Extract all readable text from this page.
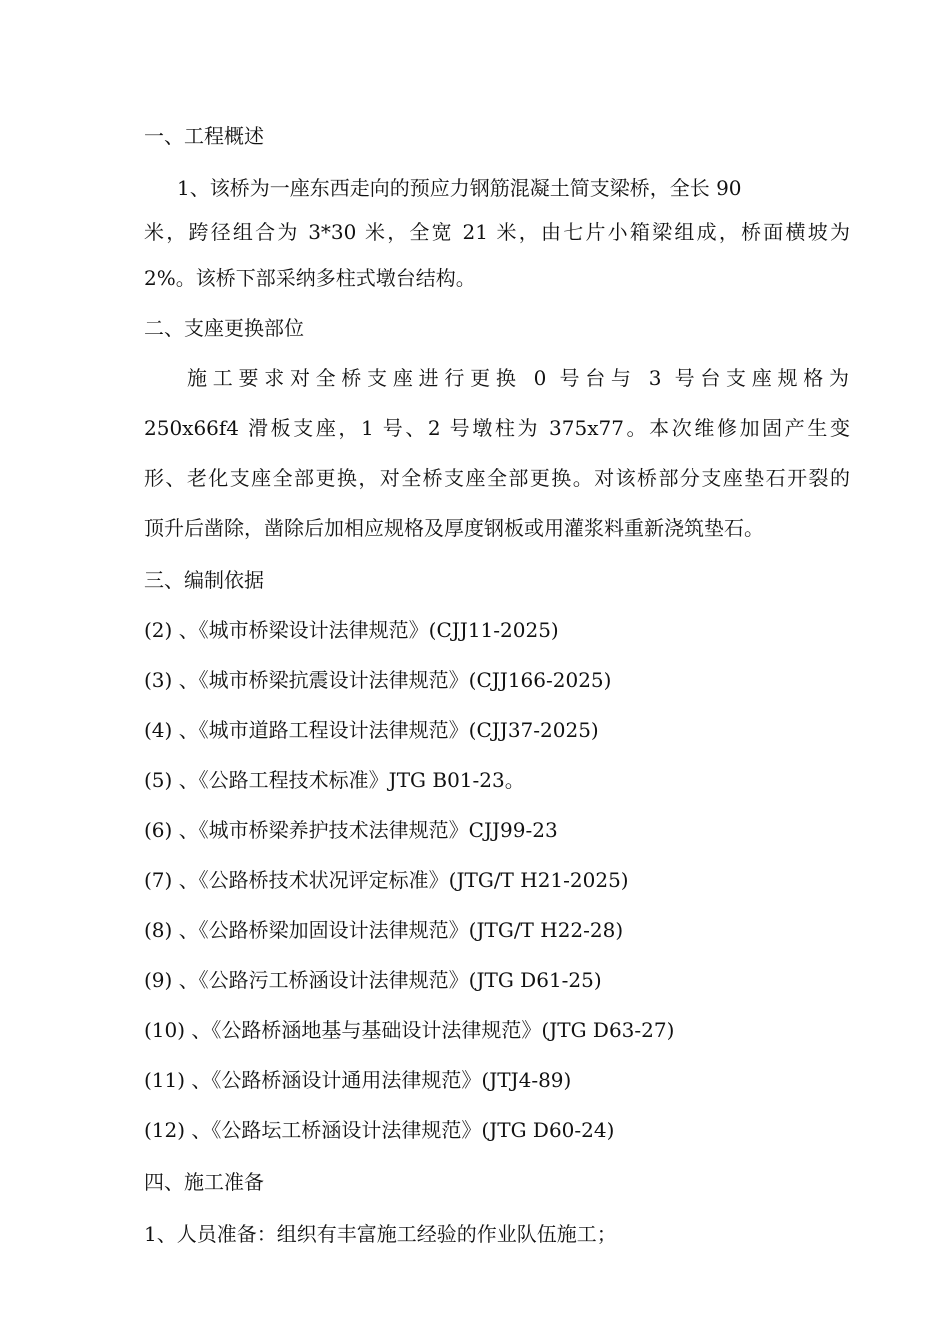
一、工程概述

1、该桥为一座东西走向的预应力钢筋混凝土简支梁桥，全长 90

米，跨径组合为 3*30 米，全宽 21 米，由七片小箱梁组成，桥面横坡为

2%。该桥下部采纳多柱式墩台结构。

二、支座更换部位

施工要求对全桥支座进行更换 0 号台与 3 号台支座规格为

250x66f4 滑板支座，1 号、2 号墩柱为 375x77。本次维修加固产生变

形、老化支座全部更换，对全桥支座全部更换。对该桥部分支座垫石开裂的

顶升后凿除，凿除后加相应规格及厚度钢板或用灌浆料重新浇筑垫石。

三、编制依据

(2) 、《城市桥梁设计法律规范》(CJJ11-2025)

(3) 、《城市桥梁抗震设计法律规范》(CJJ166-2025)

(4) 、《城市道路工程设计法律规范》(CJJ37-2025)

(5) 、《公路工程技术标准》JTG B01-23。

(6) 、《城市桥梁养护技术法律规范》CJJ99-23

(7) 、《公路桥技术状况评定标准》(JTG/T H21-2025)

(8) 、《公路桥梁加固设计法律规范》(JTG/T H22-28)

(9) 、《公路污工桥涵设计法律规范》(JTG D61-25)

(10) 、《公路桥涵地基与基础设计法律规范》(JTG D63-27)

(11) 、《公路桥涵设计通用法律规范》(JTJ4-89)

(12) 、《公路坛工桥涵设计法律规范》(JTG D60-24)

四、施工准备

1、人员准备：组织有丰富施工经验的作业队伍施工；
